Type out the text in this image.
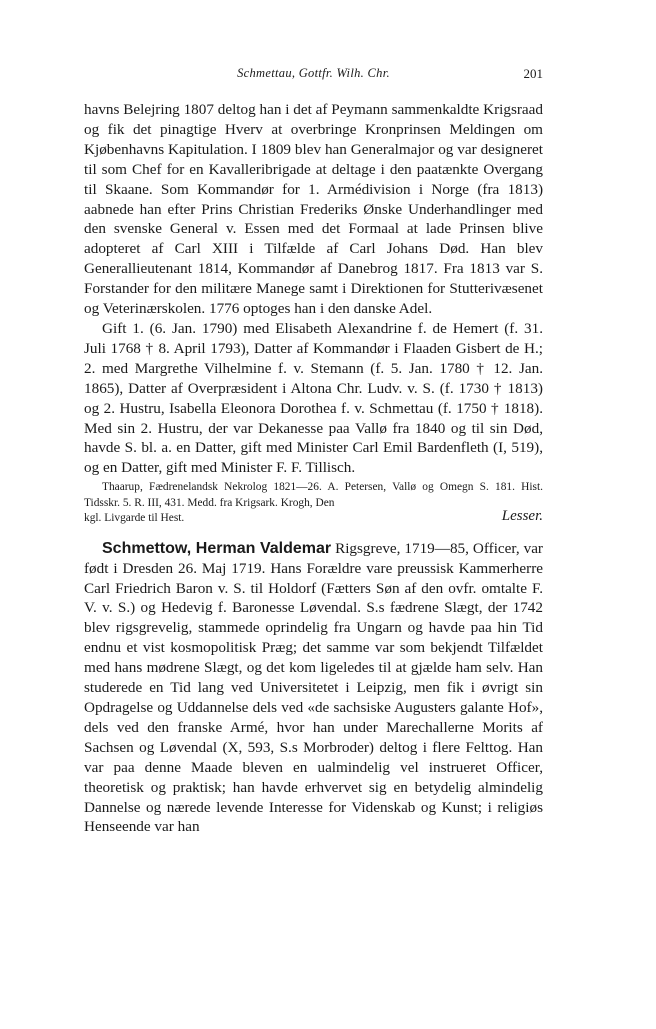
Schmettau, Gottfr. Wilh. Chr.	201

havns Belejring 1807 deltog han i det af Peymann sammenkaldte Krigsraad og fik det pinagtige Hverv at overbringe Kronprinsen Meldingen om Kjøbenhavns Kapitulation. I 1809 blev han Generalmajor og var designeret til som Chef for en Kavalleribrigade at deltage i den paatænkte Overgang til Skaane. Som Kommandør for 1. Armédivision i Norge (fra 1813) aabnede han efter Prins Christian Frederiks Ønske Underhandlinger med den svenske General v. Essen med det Formaal at lade Prinsen blive adopteret af Carl XIII i Tilfælde af Carl Johans Død. Han blev Generallieutenant 1814, Kommandør af Danebrog 1817. Fra 1813 var S. Forstander for den militære Manege samt i Direktionen for Stutterivæsenet og Veterinærskolen. 1776 optoges han i den danske Adel.

Gift 1. (6. Jan. 1790) med Elisabeth Alexandrine f. de Hemert (f. 31. Juli 1768 † 8. April 1793), Datter af Kommandør i Flaaden Gisbert de H.; 2. med Margrethe Vilhelmine f. v. Stemann (f. 5. Jan. 1780 † 12. Jan. 1865), Datter af Overpræsident i Altona Chr. Ludv. v. S. (f. 1730 † 1813) og 2. Hustru, Isabella Eleonora Dorothea f. v. Schmettau (f. 1750 † 1818). Med sin 2. Hustru, der var Dekanesse paa Vallø fra 1840 og til sin Død, havde S. bl. a. en Datter, gift med Minister Carl Emil Bardenfleth (I, 519), og en Datter, gift med Minister F. F. Tillisch.

Thaarup, Fædrenelandsk Nekrolog 1821—26. A. Petersen, Vallø og Omegn S. 181. Hist. Tidsskr. 5. R. III, 431. Medd. fra Krigsark. Krogh, Den

kgl. Livgarde til Hest.	Lesser.

Schmettow, Herman Valdemar Rigsgreve, 1719—85, Officer, var født i Dresden 26. Maj 1719. Hans Forældre vare preussisk Kammerherre Carl Friedrich Baron v. S. til Holdorf (Fætters Søn af den ovfr. omtalte F. V. v. S.) og Hedevig f. Baronesse Løvendal. S.s fædrene Slægt, der 1742 blev rigsgrevelig, stammede oprindelig fra Ungarn og havde paa hin Tid endnu et vist kosmopolitisk Præg; det samme var som bekjendt Tilfældet med hans mødrene Slægt, og det kom ligeledes til at gjælde ham selv. Han studerede en Tid lang ved Universitetet i Leipzig, men fik i øvrigt sin Opdragelse og Uddannelse dels ved «de sachsiske Augusters galante Hof», dels ved den franske Armé, hvor han under Marechallerne Morits af Sachsen og Løvendal (X, 593, S.s Morbroder) deltog i flere Felttog. Han var paa denne Maade bleven en ualmindelig vel instrueret Officer, theoretisk og praktisk; han havde erhvervet sig en betydelig almindelig Dannelse og nærede levende Interesse for Videnskab og Kunst; i religiøs Henseende var han
